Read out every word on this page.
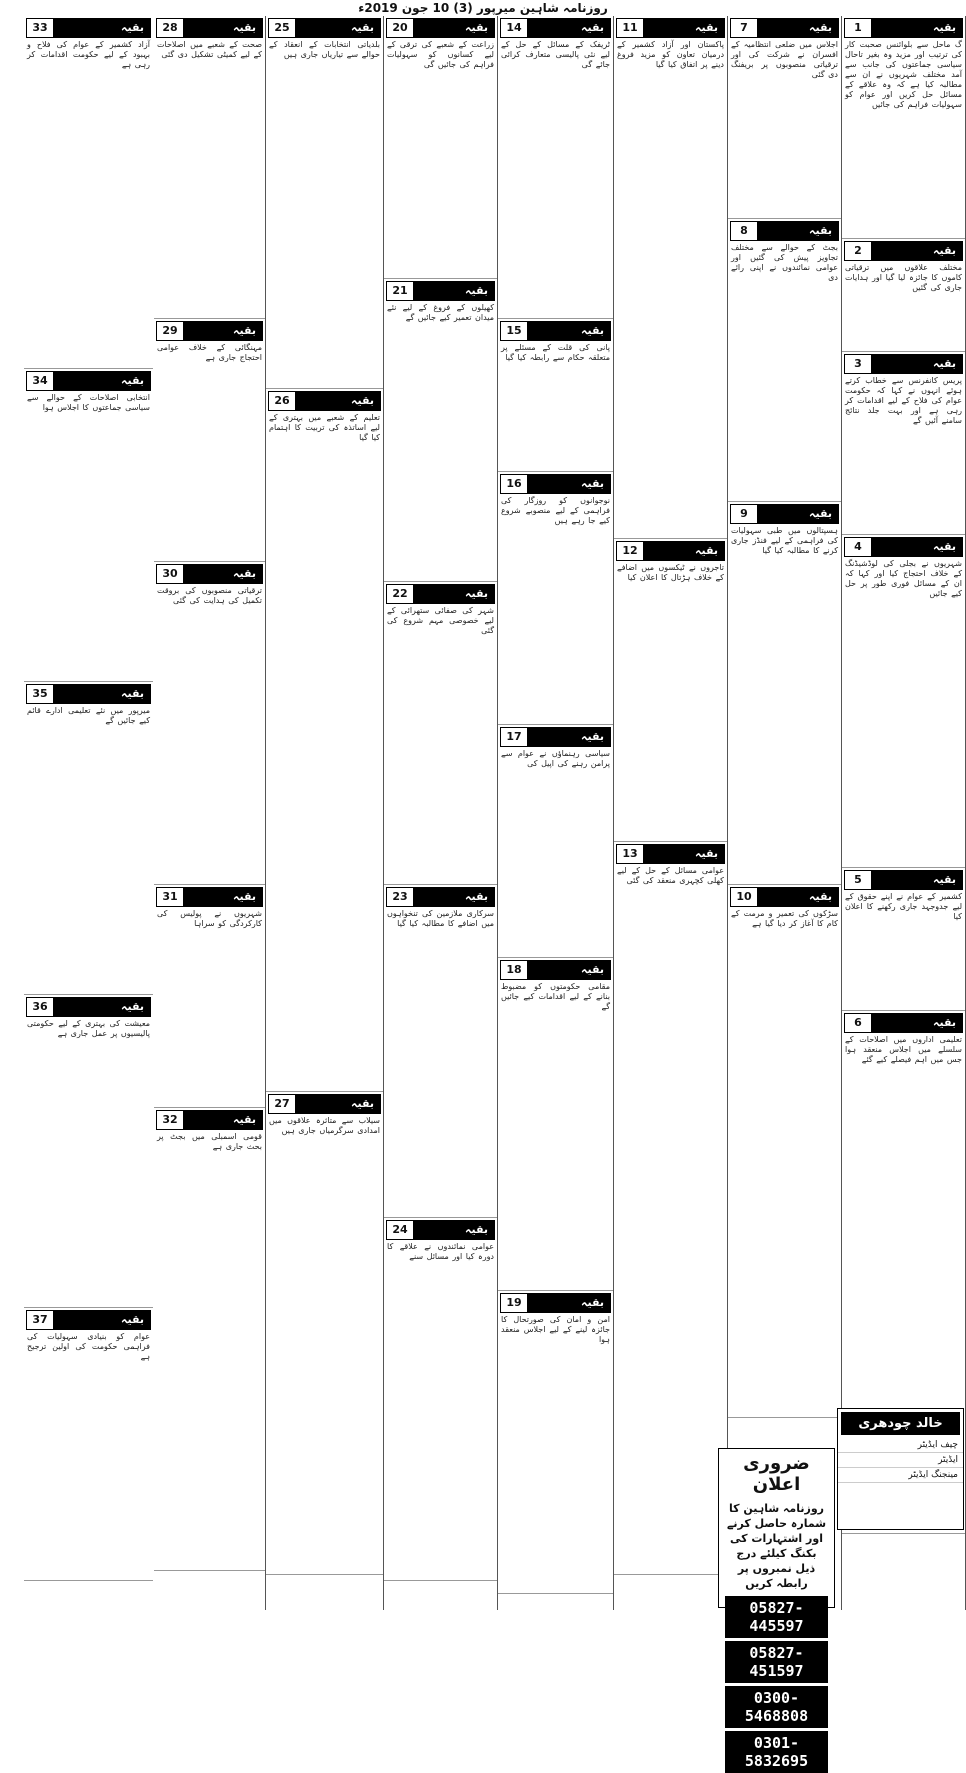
روزنامہ شاہین میرپور (3) 10 جون 2019ء
1	بقیہ
گ ماحل سے بلوائنس صحبت کار کی ترتیب اور مزید وہ بغیر تاحال سیاسی جماعتوں کی جانب سے آمد مختلف شہریوں نے ان سے مطالبہ کیا ہے کہ وہ علاقے کے مسائل حل کریں اور عوام کو سہولیات فراہم کی جائیں
2	بقیہ
مختلف علاقوں میں ترقیاتی کاموں کا جائزہ لیا گیا اور ہدایات جاری کی گئیں
3	بقیہ
پریس کانفرنس سے خطاب کرتے ہوئے انہوں نے کہا کہ حکومت عوام کی فلاح کے لیے اقدامات کر رہی ہے اور بہت جلد نتائج سامنے آئیں گے
4	بقیہ
شہریوں نے بجلی کی لوڈشیڈنگ کے خلاف احتجاج کیا اور کہا کہ ان کے مسائل فوری طور پر حل کیے جائیں
5	بقیہ
کشمیر کے عوام نے اپنے حقوق کے لیے جدوجہد جاری رکھنے کا اعلان کیا
6	بقیہ
تعلیمی اداروں میں اصلاحات کے سلسلے میں اجلاس منعقد ہوا جس میں اہم فیصلے کیے گئے
7	بقیہ
اجلاس میں ضلعی انتظامیہ کے افسران نے شرکت کی اور ترقیاتی منصوبوں پر بریفنگ دی گئی
8	بقیہ
بجٹ کے حوالے سے مختلف تجاویز پیش کی گئیں اور عوامی نمائندوں نے اپنی رائے دی
9	بقیہ
ہسپتالوں میں طبی سہولیات کی فراہمی کے لیے فنڈز جاری کرنے کا مطالبہ کیا گیا
10	بقیہ
سڑکوں کی تعمیر و مرمت کے کام کا آغاز کر دیا گیا ہے
11	بقیہ
پاکستان اور آزاد کشمیر کے درمیان تعاون کو مزید فروغ دینے پر اتفاق کیا گیا
12	بقیہ
تاجروں نے ٹیکسوں میں اضافے کے خلاف ہڑتال کا اعلان کیا
13	بقیہ
عوامی مسائل کے حل کے لیے کھلی کچہری منعقد کی گئی
14	بقیہ
ٹریفک کے مسائل کے حل کے لیے نئی پالیسی متعارف کرائی جائے گی
15	بقیہ
پانی کی قلت کے مسئلے پر متعلقہ حکام سے رابطہ کیا گیا
16	بقیہ
نوجوانوں کو روزگار کی فراہمی کے لیے منصوبے شروع کیے جا رہے ہیں
17	بقیہ
سیاسی رہنماؤں نے عوام سے پرامن رہنے کی اپیل کی
18	بقیہ
مقامی حکومتوں کو مضبوط بنانے کے لیے اقدامات کیے جائیں گے
19	بقیہ
امن و امان کی صورتحال کا جائزہ لینے کے لیے اجلاس منعقد ہوا
20	بقیہ
زراعت کے شعبے کی ترقی کے لیے کسانوں کو سہولیات فراہم کی جائیں گی
21	بقیہ
کھیلوں کے فروغ کے لیے نئے میدان تعمیر کیے جائیں گے
22	بقیہ
شہر کی صفائی ستھرائی کے لیے خصوصی مہم شروع کی گئی
23	بقیہ
سرکاری ملازمین کی تنخواہوں میں اضافے کا مطالبہ کیا گیا
24	بقیہ
عوامی نمائندوں نے علاقے کا دورہ کیا اور مسائل سنے
25	بقیہ
بلدیاتی انتخابات کے انعقاد کے حوالے سے تیاریاں جاری ہیں
26	بقیہ
تعلیم کے شعبے میں بہتری کے لیے اساتذہ کی تربیت کا اہتمام کیا گیا
27	بقیہ
سیلاب سے متاثرہ علاقوں میں امدادی سرگرمیاں جاری ہیں
28	بقیہ
صحت کے شعبے میں اصلاحات کے لیے کمیٹی تشکیل دی گئی
29	بقیہ
مہنگائی کے خلاف عوامی احتجاج جاری ہے
30	بقیہ
ترقیاتی منصوبوں کی بروقت تکمیل کی ہدایت کی گئی
31	بقیہ
شہریوں نے پولیس کی کارکردگی کو سراہا
32	بقیہ
قومی اسمبلی میں بجٹ پر بحث جاری ہے
33	بقیہ
آزاد کشمیر کے عوام کی فلاح و بہبود کے لیے حکومت اقدامات کر رہی ہے
34	بقیہ
انتخابی اصلاحات کے حوالے سے سیاسی جماعتوں کا اجلاس ہوا
35	بقیہ
میرپور میں نئے تعلیمی ادارے قائم کیے جائیں گے
36	بقیہ
معیشت کی بہتری کے لیے حکومتی پالیسیوں پر عمل جاری ہے
37	بقیہ
عوام کو بنیادی سہولیات کی فراہمی حکومت کی اولین ترجیح ہے
خالد چودھری
چیف ایڈیٹر
ایڈیٹر
مینجنگ ایڈیٹر
ضروری اعلان
روزنامہ شاہین کا شمارہ حاصل کرنے اور اشتہارات کی بکنگ کیلئے درج ذیل نمبروں پر رابطہ کریں
05827-445597
05827-451597
0300-5468808
0301-5832695
